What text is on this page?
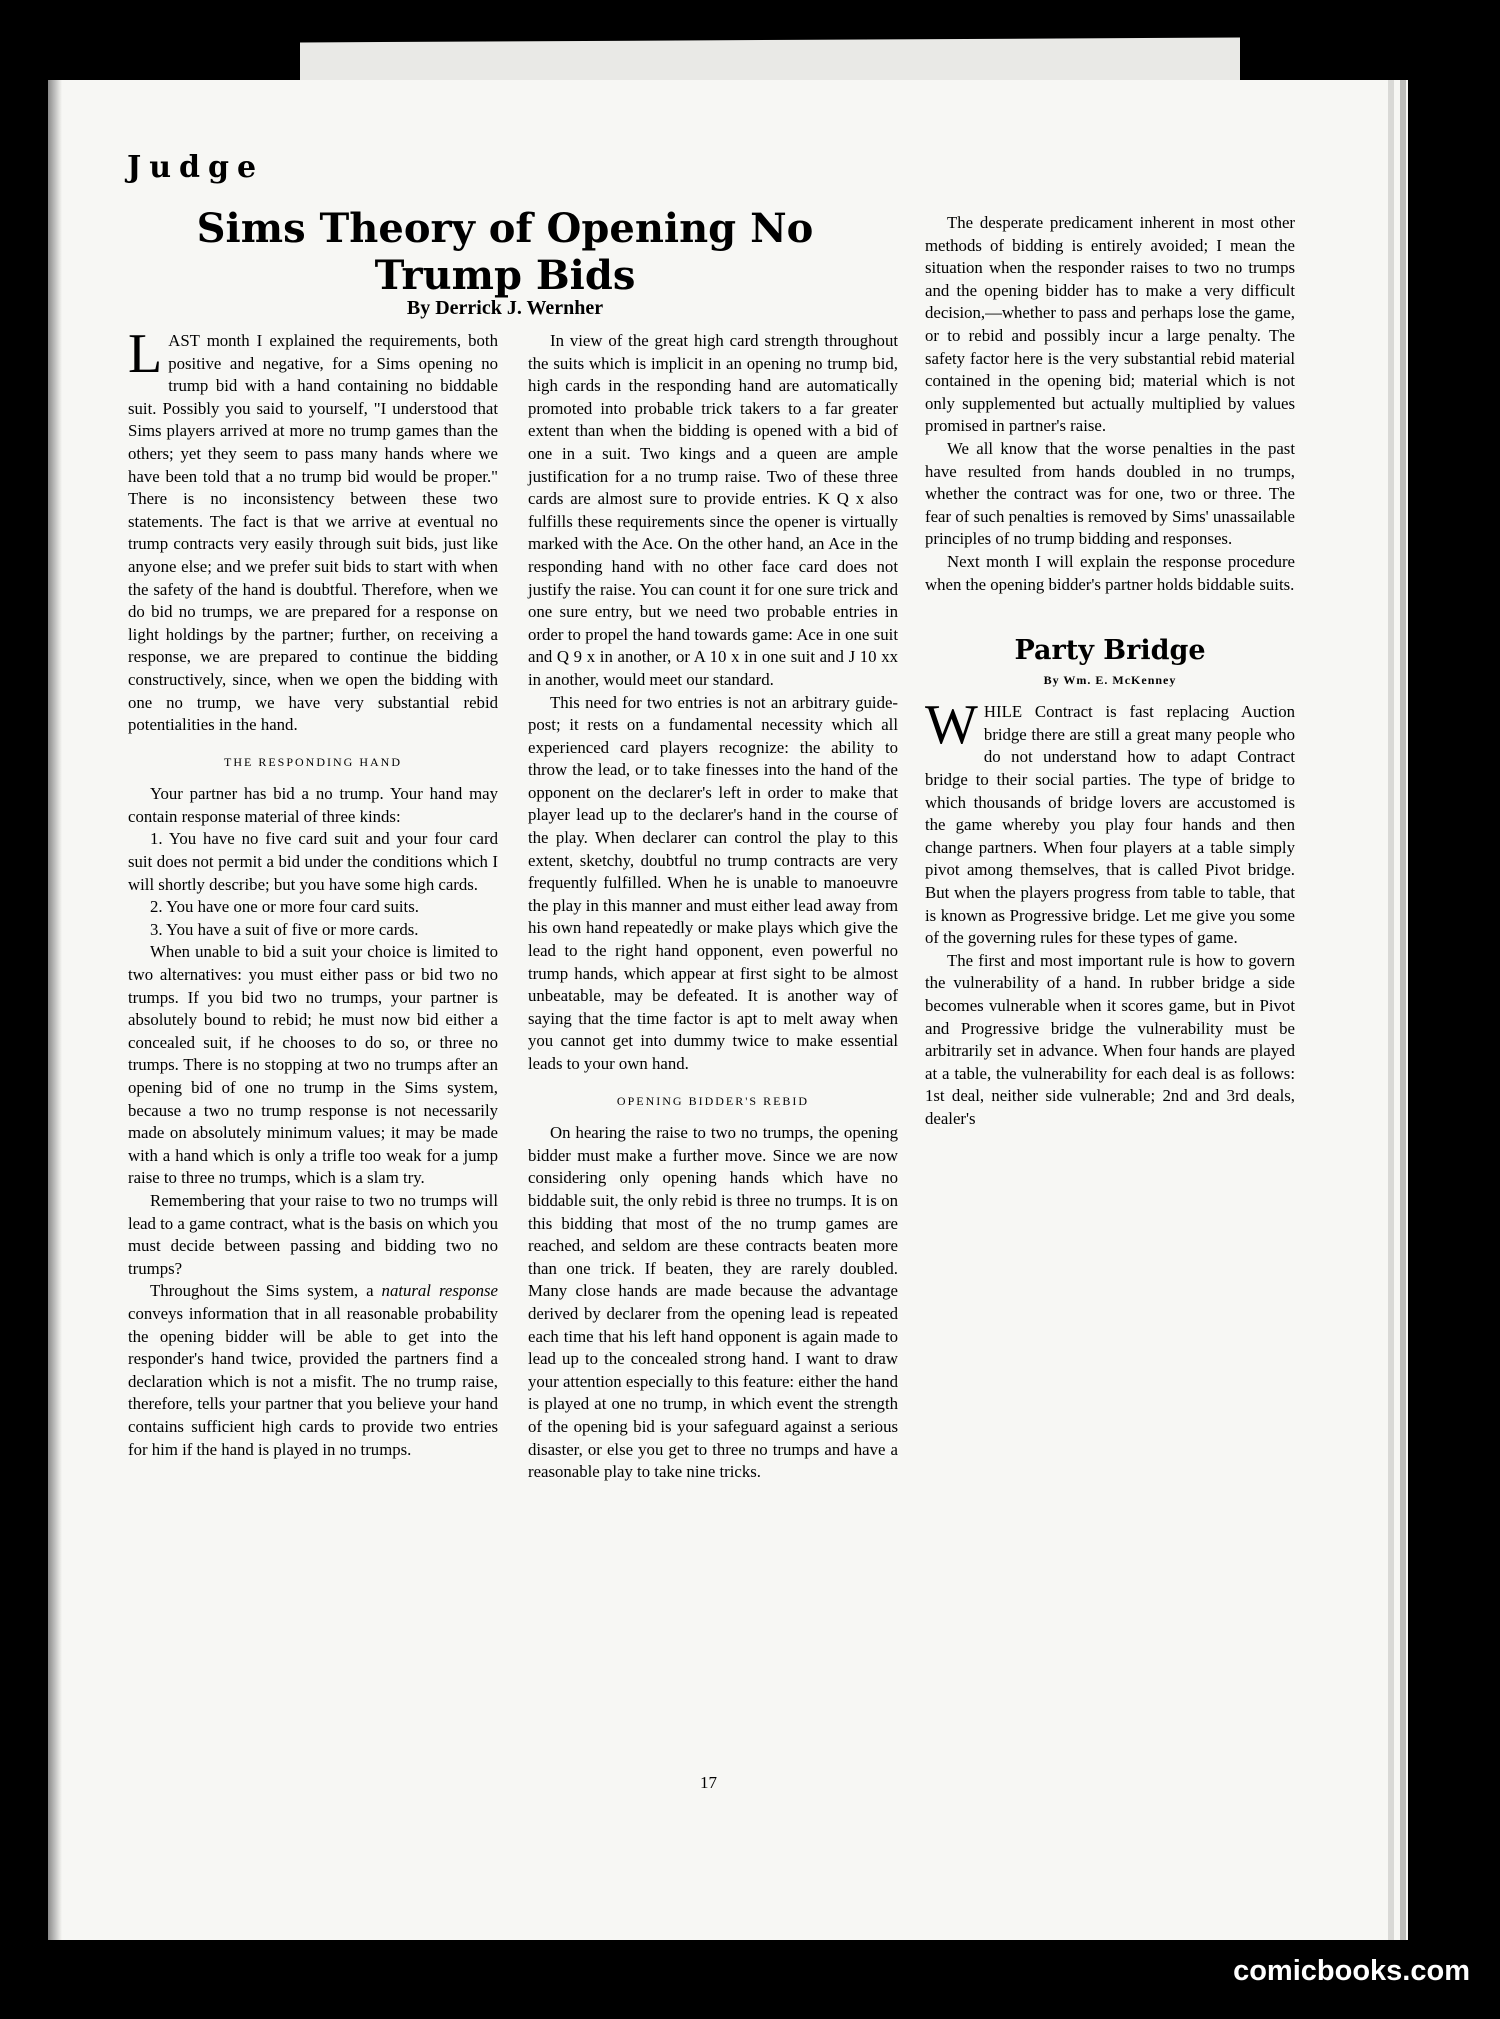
Judge
Sims Theory of Opening No Trump Bids
By Derrick J. Wernher

LAST month I explained the requirements, both positive and negative, for a Sims opening no trump bid with a hand containing no biddable suit. Possibly you said to yourself, "I understood that Sims players arrived at more no trump games than the others; yet they seem to pass many hands where we have been told that a no trump bid would be proper." There is no inconsistency between these two statements. The fact is that we arrive at eventual no trump contracts very easily through suit bids, just like anyone else; and we prefer suit bids to start with when the safety of the hand is doubtful. Therefore, when we do bid no trumps, we are prepared for a response on light holdings by the partner; further, on receiving a response, we are prepared to continue the bidding constructively, since, when we open the bidding with one no trump, we have very substantial rebid potentialities in the hand.

THE RESPONDING HAND

Your partner has bid a no trump. Your hand may contain response material of three kinds:

1. You have no five card suit and your four card suit does not permit a bid under the conditions which I will shortly describe; but you have some high cards.

2. You have one or more four card suits.

3. You have a suit of five or more cards.

When unable to bid a suit your choice is limited to two alternatives: you must either pass or bid two no trumps. If you bid two no trumps, your partner is absolutely bound to rebid; he must now bid either a concealed suit, if he chooses to do so, or three no trumps. There is no stopping at two no trumps after an opening bid of one no trump in the Sims system, because a two no trump response is not necessarily made on absolutely minimum values; it may be made with a hand which is only a trifle too weak for a jump raise to three no trumps, which is a slam try.

Remembering that your raise to two no trumps will lead to a game contract, what is the basis on which you must decide between passing and bidding two no trumps?

Throughout the Sims system, a natural response conveys information that in all reasonable probability the opening bidder will be able to get into the responder's hand twice, provided the partners find a declaration which is not a misfit. The no trump raise, therefore, tells your partner that you believe your hand contains sufficient high cards to provide two entries for him if the hand is played in no trumps.

In view of the great high card strength throughout the suits which is implicit in an opening no trump bid, high cards in the responding hand are automatically promoted into probable trick takers to a far greater extent than when the bidding is opened with a bid of one in a suit. Two kings and a queen are ample justification for a no trump raise. Two of these three cards are almost sure to provide entries. K Q x also fulfills these requirements since the opener is virtually marked with the Ace. On the other hand, an Ace in the responding hand with no other face card does not justify the raise. You can count it for one sure trick and one sure entry, but we need two probable entries in order to propel the hand towards game: Ace in one suit and Q 9 x in another, or A 10 x in one suit and J 10 xx in another, would meet our standard.

This need for two entries is not an arbitrary guide-post; it rests on a fundamental necessity which all experienced card players recognize: the ability to throw the lead, or to take finesses into the hand of the opponent on the declarer's left in order to make that player lead up to the declarer's hand in the course of the play. When declarer can control the play to this extent, sketchy, doubtful no trump contracts are very frequently fulfilled. When he is unable to manoeuvre the play in this manner and must either lead away from his own hand repeatedly or make plays which give the lead to the right hand opponent, even powerful no trump hands, which appear at first sight to be almost unbeatable, may be defeated. It is another way of saying that the time factor is apt to melt away when you cannot get into dummy twice to make essential leads to your own hand.

OPENING BIDDER'S REBID

On hearing the raise to two no trumps, the opening bidder must make a further move. Since we are now considering only opening hands which have no biddable suit, the only rebid is three no trumps. It is on this bidding that most of the no trump games are reached, and seldom are these contracts beaten more than one trick. If beaten, they are rarely doubled. Many close hands are made because the advantage derived by declarer from the opening lead is repeated each time that his left hand opponent is again made to lead up to the concealed strong hand. I want to draw your attention especially to this feature: either the hand is played at one no trump, in which event the strength of the opening bid is your safeguard against a serious disaster, or else you get to three no trumps and have a reasonable play to take nine tricks.

The desperate predicament inherent in most other methods of bidding is entirely avoided; I mean the situation when the responder raises to two no trumps and the opening bidder has to make a very difficult decision,—whether to pass and perhaps lose the game, or to rebid and possibly incur a large penalty. The safety factor here is the very substantial rebid material contained in the opening bid; material which is not only supplemented but actually multiplied by values promised in partner's raise.

We all know that the worse penalties in the past have resulted from hands doubled in no trumps, whether the contract was for one, two or three. The fear of such penalties is removed by Sims' unassailable principles of no trump bidding and responses.

Next month I will explain the response procedure when the opening bidder's partner holds biddable suits.

Party Bridge
By Wm. E. McKenney

WHILE Contract is fast replacing Auction bridge there are still a great many people who do not understand how to adapt Contract bridge to their social parties. The type of bridge to which thousands of bridge lovers are accustomed is the game whereby you play four hands and then change partners. When four players at a table simply pivot among themselves, that is called Pivot bridge. But when the players progress from table to table, that is known as Progressive bridge. Let me give you some of the governing rules for these types of game.

The first and most important rule is how to govern the vulnerability of a hand. In rubber bridge a side becomes vulnerable when it scores game, but in Pivot and Progressive bridge the vulnerability must be arbitrarily set in advance. When four hands are played at a table, the vulnerability for each deal is as follows: 1st deal, neither side vulnerable; 2nd and 3rd deals, dealer's

17
comicbooks.com
